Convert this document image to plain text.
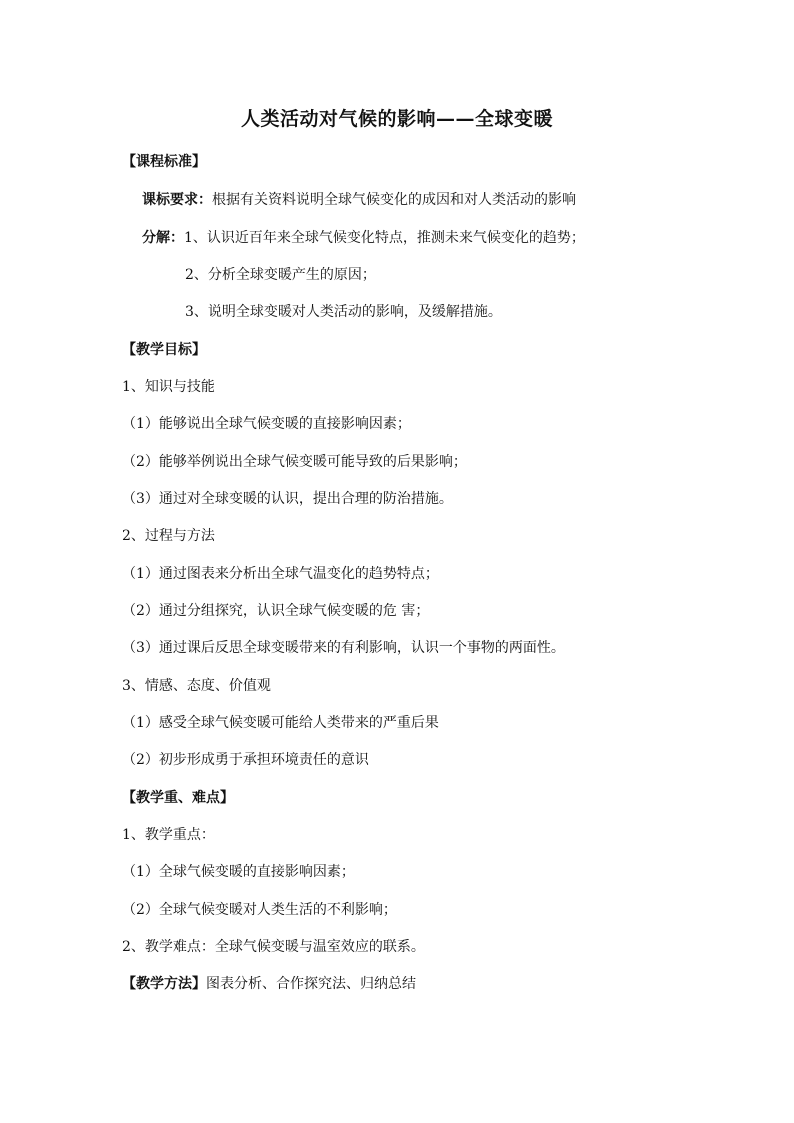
人类活动对气候的影响——全球变暖
【课程标准】
课标要求：根据有关资料说明全球气候变化的成因和对人类活动的影响
分解：1、认识近百年来全球气候变化特点，推测未来气候变化的趋势；
2、分析全球变暖产生的原因；
3、说明全球变暖对人类活动的影响，及缓解措施。
【教学目标】
1、知识与技能
（1）能够说出全球气候变暖的直接影响因素；
（2）能够举例说出全球气候变暖可能导致的后果影响；
（3）通过对全球变暖的认识，提出合理的防治措施。
2、过程与方法
（1）通过图表来分析出全球气温变化的趋势特点；
（2）通过分组探究，认识全球气候变暖的危 害；
（3）通过课后反思全球变暖带来的有利影响，认识一个事物的两面性。
3、情感、态度、价值观
（1）感受全球气候变暖可能给人类带来的严重后果
（2）初步形成勇于承担环境责任的意识
【教学重、难点】
1、教学重点：
（1）全球气候变暖的直接影响因素；
（2）全球气候变暖对人类生活的不利影响；
2、教学难点：全球气候变暖与温室效应的联系。
【教学方法】图表分析、合作探究法、归纳总结
